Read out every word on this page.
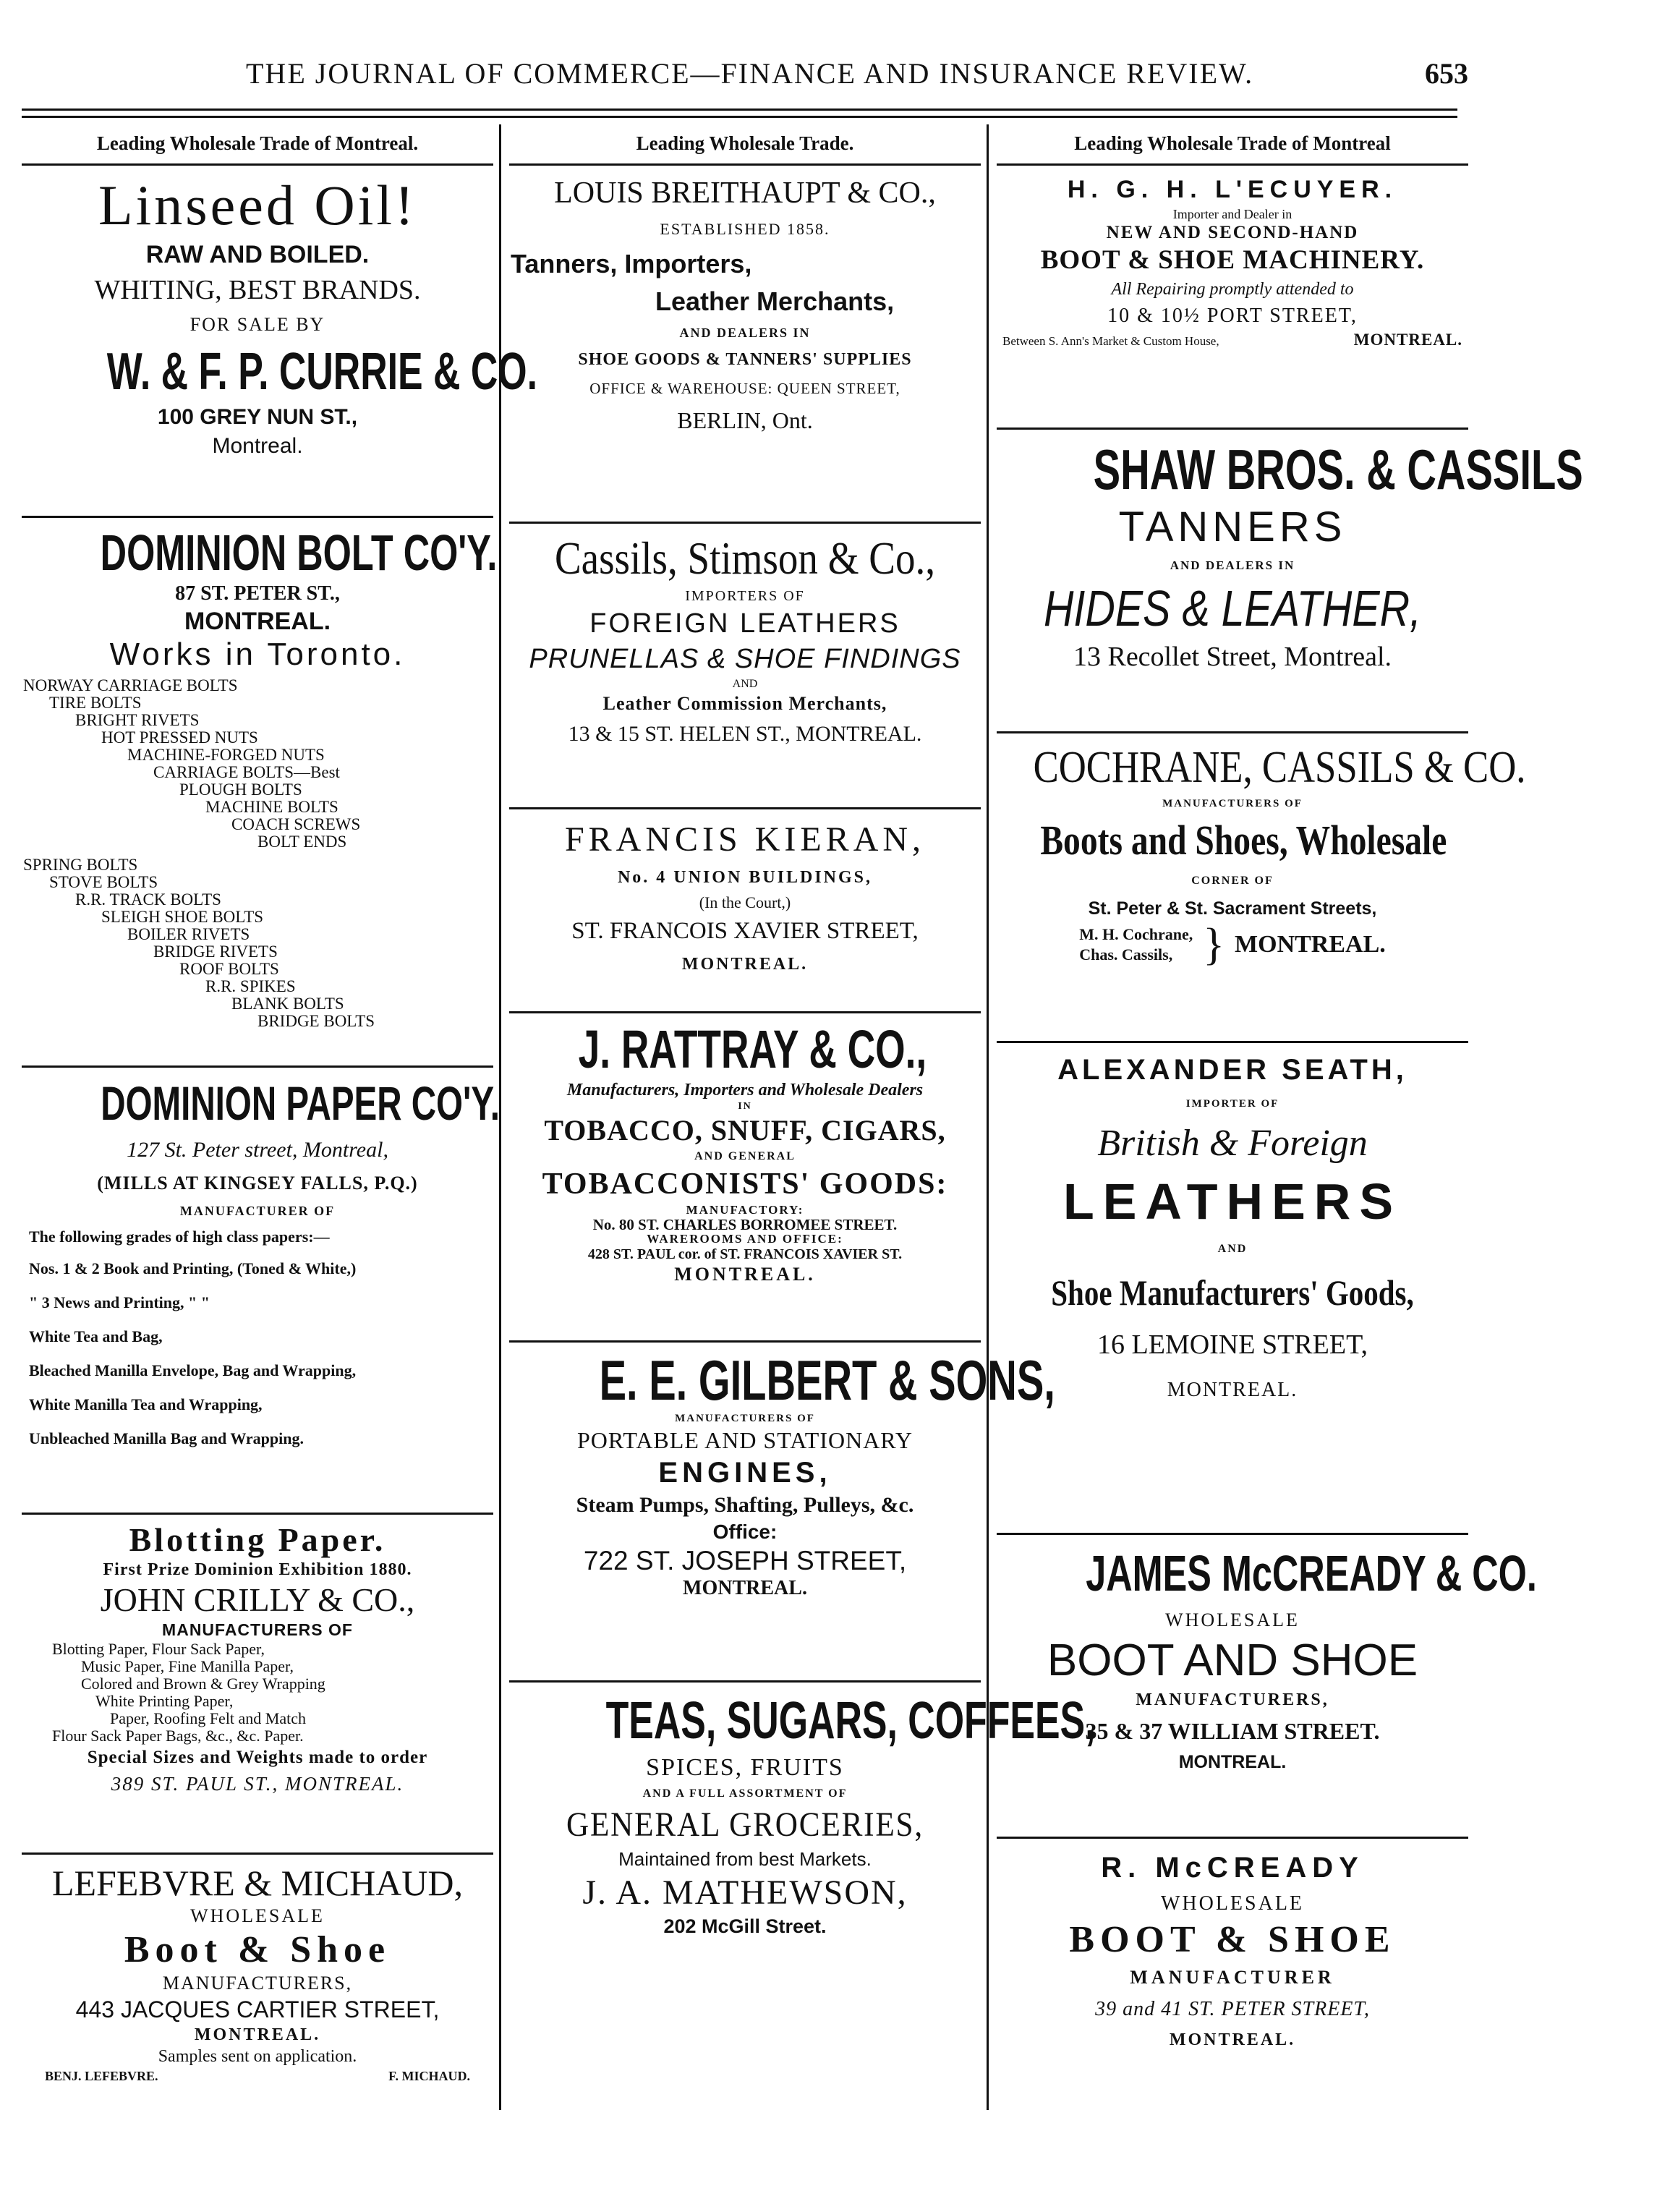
THE JOURNAL OF COMMERCE—FINANCE AND INSURANCE REVIEW.	653
Leading Wholesale Trade of Montreal.
Linseed Oil!
RAW AND BOILED.
WHITING, BEST BRANDS.
FOR SALE BY
W. & F. P. CURRIE & CO.
100 GREY NUN ST.,
Montreal.
DOMINION BOLT CO'Y.
87 ST. PETER ST.,
MONTREAL.
Works in Toronto.
NORWAY CARRIAGE BOLTS
TIRE BOLTS
BRIGHT RIVETS
HOT PRESSED NUTS
MACHINE-FORGED NUTS
CARRIAGE BOLTS—Best
PLOUGH BOLTS
MACHINE BOLTS
COACH SCREWS
BOLT ENDS
SPRING BOLTS
STOVE BOLTS
R.R. TRACK BOLTS
SLEIGH SHOE BOLTS
BOILER RIVETS
BRIDGE RIVETS
ROOF BOLTS
R.R. SPIKES
BLANK BOLTS
BRIDGE BOLTS
DOMINION PAPER CO'Y.
127 St. Peter street, Montreal,
(MILLS AT KINGSEY FALLS, P.Q.)
MANUFACTURER OF
The following grades of high class papers:—
Nos. 1 & 2 Book and Printing, (Toned & White,)
" 3 News and Printing, " "
White Tea and Bag,
Bleached Manilla Envelope, Bag and Wrapping,
White Manilla Tea and Wrapping,
Unbleached Manilla Bag and Wrapping.
Blotting Paper.
First Prize Dominion Exhibition 1880.
JOHN CRILLY & CO.,
MANUFACTURERS OF
Blotting Paper, Flour Sack Paper,
Music Paper, Fine Manilla Paper,
Colored and Brown & Grey Wrapping
White Printing Paper,
Paper, Roofing Felt and Match
Flour Sack Paper Bags, &c., &c. Paper.
Special Sizes and Weights made to order
389 ST. PAUL ST., MONTREAL.
LEFEBVRE & MICHAUD,
WHOLESALE
Boot & Shoe
MANUFACTURERS,
443 JACQUES CARTIER STREET,
MONTREAL.
Samples sent on application.
BENJ. LEFEBVRE.	F. MICHAUD.
Leading Wholesale Trade.
LOUIS BREITHAUPT & CO.,
ESTABLISHED 1858.
Tanners, Importers,
Leather Merchants,
AND DEALERS IN
SHOE GOODS & TANNERS' SUPPLIES
OFFICE & WAREHOUSE: QUEEN STREET,
BERLIN, Ont.
Cassils, Stimson & Co.,
IMPORTERS OF
FOREIGN LEATHERS
PRUNELLAS & SHOE FINDINGS
AND
Leather Commission Merchants,
13 & 15 ST. HELEN ST., MONTREAL.
FRANCIS KIERAN,
No. 4 UNION BUILDINGS,
(In the Court,)
ST. FRANCOIS XAVIER STREET,
MONTREAL.
J. RATTRAY & CO.,
Manufacturers, Importers and Wholesale Dealers
IN
TOBACCO, SNUFF, CIGARS,
AND GENERAL
TOBACCONISTS' GOODS:
MANUFACTORY:
No. 80 ST. CHARLES BORROMEE STREET.
WAREROOMS AND OFFICE:
428 ST. PAUL cor. of ST. FRANCOIS XAVIER ST.
MONTREAL.
E. E. GILBERT & SONS,
MANUFACTURERS OF
PORTABLE AND STATIONARY
ENGINES,
Steam Pumps, Shafting, Pulleys, &c.
Office:
722 ST. JOSEPH STREET,
MONTREAL.
TEAS, SUGARS, COFFEES,
SPICES, FRUITS
AND A FULL ASSORTMENT OF
GENERAL GROCERIES,
Maintained from best Markets.
J. A. MATHEWSON,
202 McGill Street.
Leading Wholesale Trade of Montreal
H. G. H. L'ECUYER.
Importer and Dealer in
NEW AND SECOND-HAND
BOOT & SHOE MACHINERY.
All Repairing promptly attended to
10 & 10½ PORT STREET,
Between S. Ann's Market & Custom House,	MONTREAL.
SHAW BROS. & CASSILS
TANNERS
AND DEALERS IN
HIDES & LEATHER,
13 Recollet Street, Montreal.
COCHRANE, CASSILS & CO.
MANUFACTURERS OF
Boots and Shoes, Wholesale
CORNER OF
St. Peter & St. Sacrament Streets,
M. H. Cochrane,
Chas. Cassils, } MONTREAL.
ALEXANDER SEATH,
IMPORTER OF
British & Foreign
LEATHERS
AND
Shoe Manufacturers' Goods,
16 LEMOINE STREET,
MONTREAL.
JAMES McCREADY & CO.
WHOLESALE
BOOT AND SHOE
MANUFACTURERS,
35 & 37 WILLIAM STREET.
MONTREAL.
R. McCREADY
WHOLESALE
BOOT & SHOE
MANUFACTURER
39 and 41 ST. PETER STREET,
MONTREAL.
